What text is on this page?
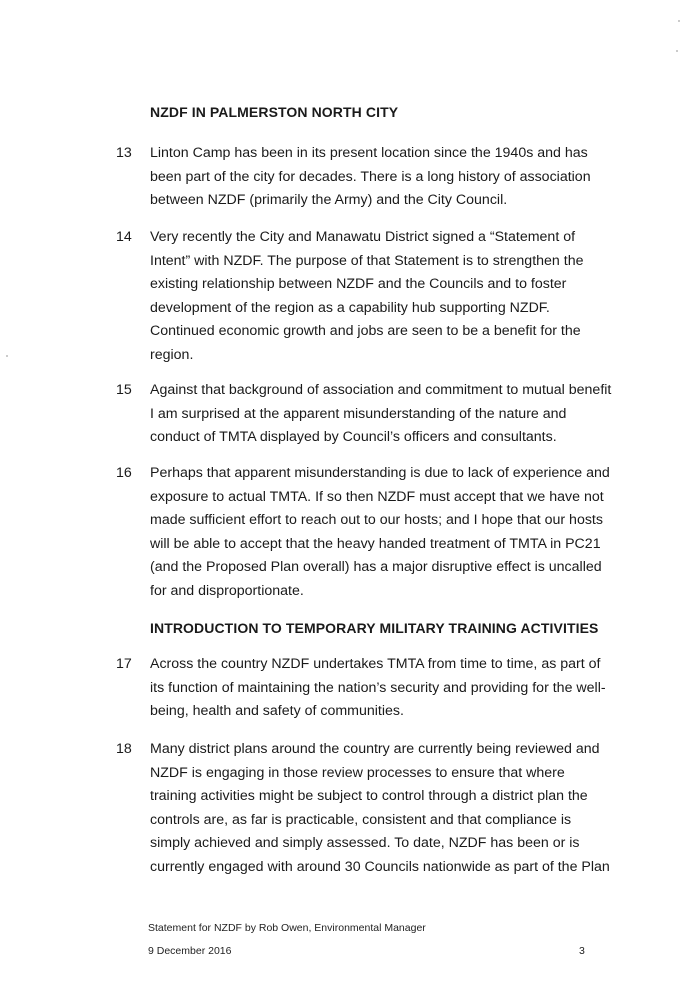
NZDF IN PALMERSTON NORTH CITY
13 Linton Camp has been in its present location since the 1940s and has
been part of the city for decades. There is a long history of association
between NZDF (primarily the Army) and the City Council.
14 Very recently the City and Manawatu District signed a “Statement of
Intent” with NZDF. The purpose of that Statement is to strengthen the
existing relationship between NZDF and the Councils and to foster
development of the region as a capability hub supporting NZDF.
Continued economic growth and jobs are seen to be a benefit for the
region.
15 Against that background of association and commitment to mutual benefit
I am surprised at the apparent misunderstanding of the nature and
conduct of TMTA displayed by Council’s officers and consultants.
16 Perhaps that apparent misunderstanding is due to lack of experience and
exposure to actual TMTA. If so then NZDF must accept that we have not
made sufficient effort to reach out to our hosts; and I hope that our hosts
will be able to accept that the heavy handed treatment of TMTA in PC21
(and the Proposed Plan overall) has a major disruptive effect is uncalled
for and disproportionate.
INTRODUCTION TO TEMPORARY MILITARY TRAINING ACTIVITIES
17 Across the country NZDF undertakes TMTA from time to time, as part of
its function of maintaining the nation’s security and providing for the well-
being, health and safety of communities.
18 Many district plans around the country are currently being reviewed and
NZDF is engaging in those review processes to ensure that where
training activities might be subject to control through a district plan the
controls are, as far is practicable, consistent and that compliance is
simply achieved and simply assessed. To date, NZDF has been or is
currently engaged with around 30 Councils nationwide as part of the Plan
Statement for NZDF by Rob Owen, Environmental Manager
9 December 2016	3
